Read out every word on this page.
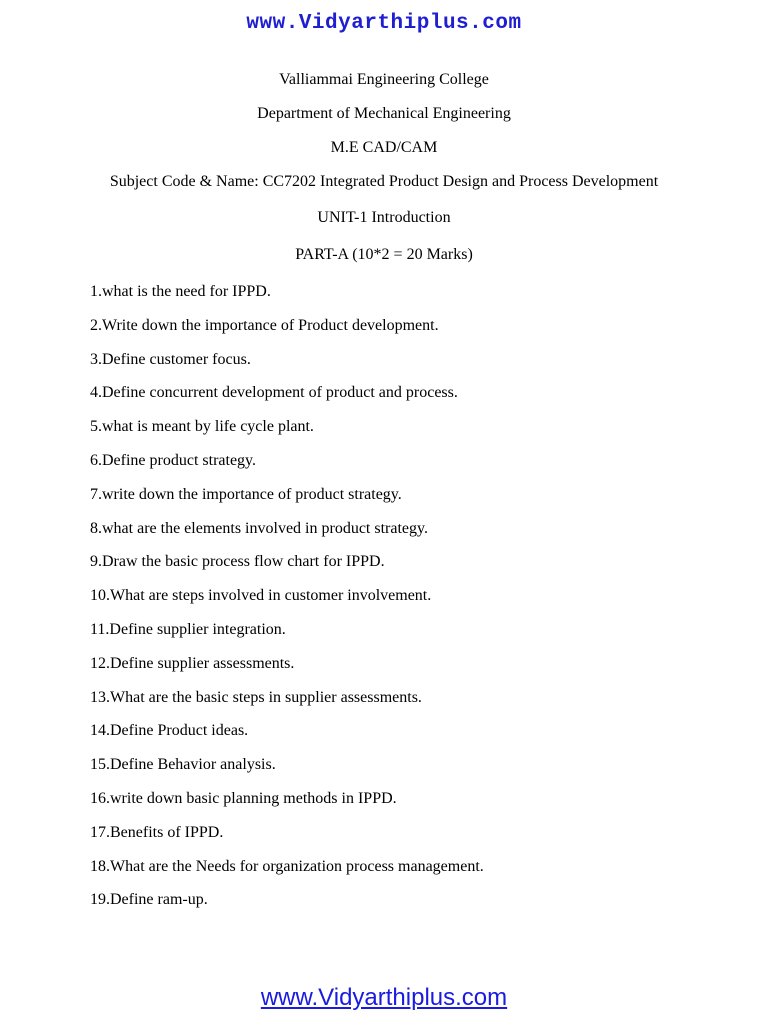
www.Vidyarthiplus.com
Valliammai Engineering College
Department of Mechanical Engineering
M.E CAD/CAM
Subject Code & Name: CC7202 Integrated Product Design and Process Development
UNIT-1 Introduction
PART-A (10*2 = 20 Marks)
1.what is the need for IPPD.
2.Write down the importance of Product development.
3.Define customer focus.
4.Define concurrent development of product and process.
5.what is meant by life cycle plant.
6.Define product strategy.
7.write down the importance of product strategy.
8.what are the elements involved in product strategy.
9.Draw the basic process flow chart for IPPD.
10.What are steps involved in customer involvement.
11.Define supplier integration.
12.Define supplier assessments.
13.What are the basic steps in supplier assessments.
14.Define Product ideas.
15.Define Behavior analysis.
16.write down basic planning methods in IPPD.
17.Benefits of IPPD.
18.What are the Needs for organization process management.
19.Define ram-up.
www.Vidyarthiplus.com
